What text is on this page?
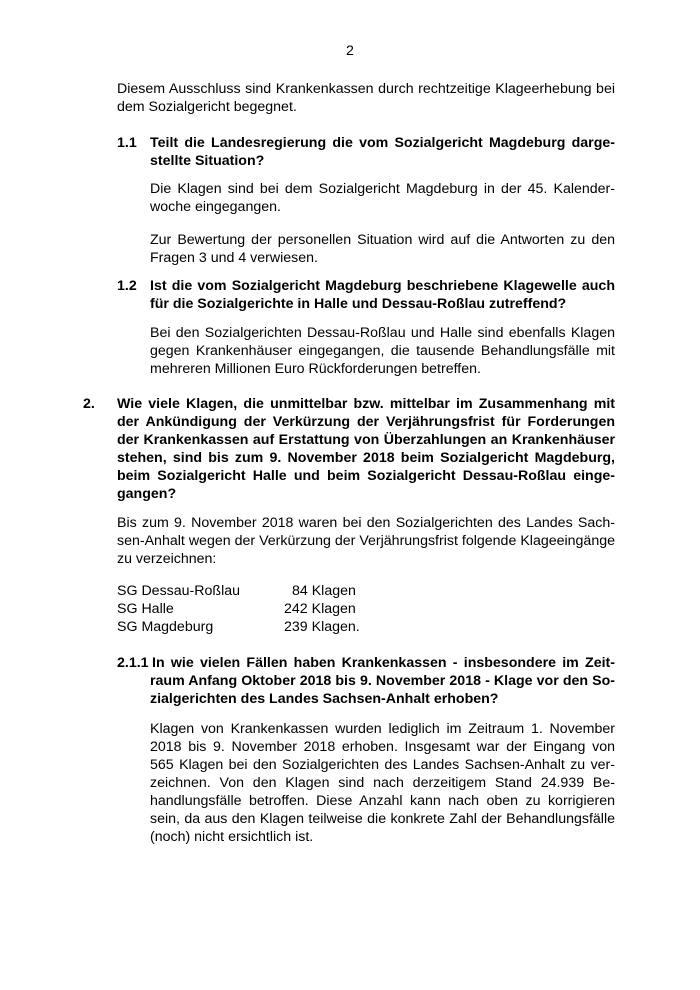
2
Diesem Ausschluss sind Krankenkassen durch rechtzeitige Klageerhebung bei
dem Sozialgericht begegnet.
1.1 Teilt die Landesregierung die vom Sozialgericht Magdeburg darge-
stellte Situation?
Die Klagen sind bei dem Sozialgericht Magdeburg in der 45. Kalender-
woche eingegangen.
Zur Bewertung der personellen Situation wird auf die Antworten zu den
Fragen 3 und 4 verwiesen.
1.2 Ist die vom Sozialgericht Magdeburg beschriebene Klagewelle auch
für die Sozialgerichte in Halle und Dessau-Roßlau zutreffend?
Bei den Sozialgerichten Dessau-Roßlau und Halle sind ebenfalls Klagen
gegen Krankenhäuser eingegangen, die tausende Behandlungsfälle mit
mehreren Millionen Euro Rückforderungen betreffen.
2. Wie viele Klagen, die unmittelbar bzw. mittelbar im Zusammenhang mit
der Ankündigung der Verkürzung der Verjährungsfrist für Forderungen
der Krankenkassen auf Erstattung von Überzahlungen an Krankenhäuser
stehen, sind bis zum 9. November 2018 beim Sozialgericht Magdeburg,
beim Sozialgericht Halle und beim Sozialgericht Dessau-Roßlau einge-
gangen?
Bis zum 9. November 2018 waren bei den Sozialgerichten des Landes Sach-
sen-Anhalt wegen der Verkürzung der Verjährungsfrist folgende Klageeingänge
zu verzeichnen:
SG Dessau-Roßlau	84 Klagen
SG Halle	242 Klagen
SG Magdeburg	239 Klagen.
2.1.1 In wie vielen Fällen haben Krankenkassen - insbesondere im Zeit-
raum Anfang Oktober 2018 bis 9. November 2018 - Klage vor den So-
zialgerichten des Landes Sachsen-Anhalt erhoben?
Klagen von Krankenkassen wurden lediglich im Zeitraum 1. November
2018 bis 9. November 2018 erhoben. Insgesamt war der Eingang von
565 Klagen bei den Sozialgerichten des Landes Sachsen-Anhalt zu ver-
zeichnen. Von den Klagen sind nach derzeitigem Stand 24.939 Be-
handlungsfälle betroffen. Diese Anzahl kann nach oben zu korrigieren
sein, da aus den Klagen teilweise die konkrete Zahl der Behandlungsfälle
(noch) nicht ersichtlich ist.
